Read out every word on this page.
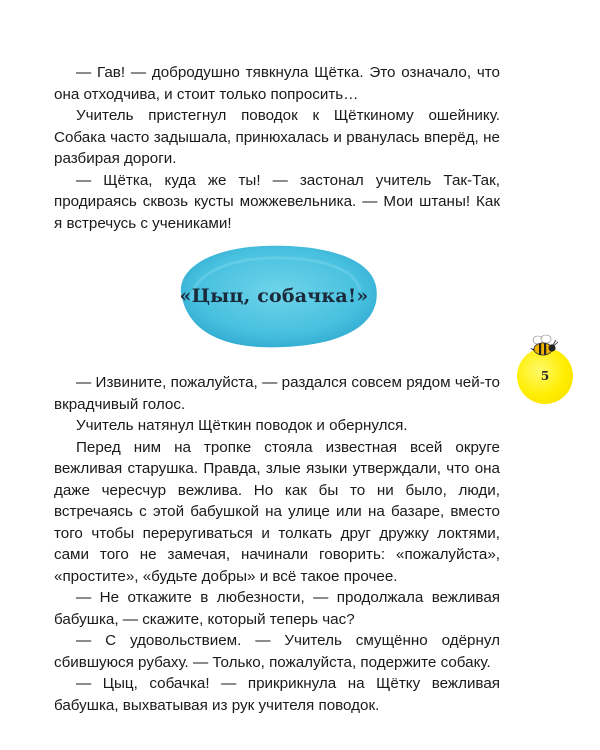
— Гав! — добродушно тявкнула Щётка. Это означало, что она отходчива, и стоит только попросить…

Учитель пристегнул поводок к Щёткиному ошейнику. Собака часто задышала, принюхалась и рванулась вперёд, не разбирая дороги.

— Щётка, куда же ты! — застонал учитель Так-Так, продираясь сквозь кусты можжевельника. — Мои штаны! Как я встречусь с учениками!

«Цыц, собачка!»
5

— Извините, пожалуйста, — раздался совсем рядом чей-то вкрадчивый голос.

Учитель натянул Щёткин поводок и обернулся.

Перед ним на тропке стояла известная всей округе вежливая старушка. Правда, злые языки утверждали, что она даже чересчур вежлива. Но как бы то ни было, люди, встречаясь с этой бабушкой на улице или на базаре, вместо того чтобы переругиваться и толкать друг дружку локтями, сами того не замечая, начинали говорить: «пожалуйста», «простите», «будьте добры» и всё такое прочее.

— Не откажите в любезности, — продолжала вежливая бабушка, — скажите, который теперь час?

— С удовольствием. — Учитель смущённо одёрнул сбившуюся рубаху. — Только, пожалуйста, подержите собаку.

— Цыц, собачка! — прикрикнула на Щётку вежливая бабушка, выхватывая из рук учителя поводок.
